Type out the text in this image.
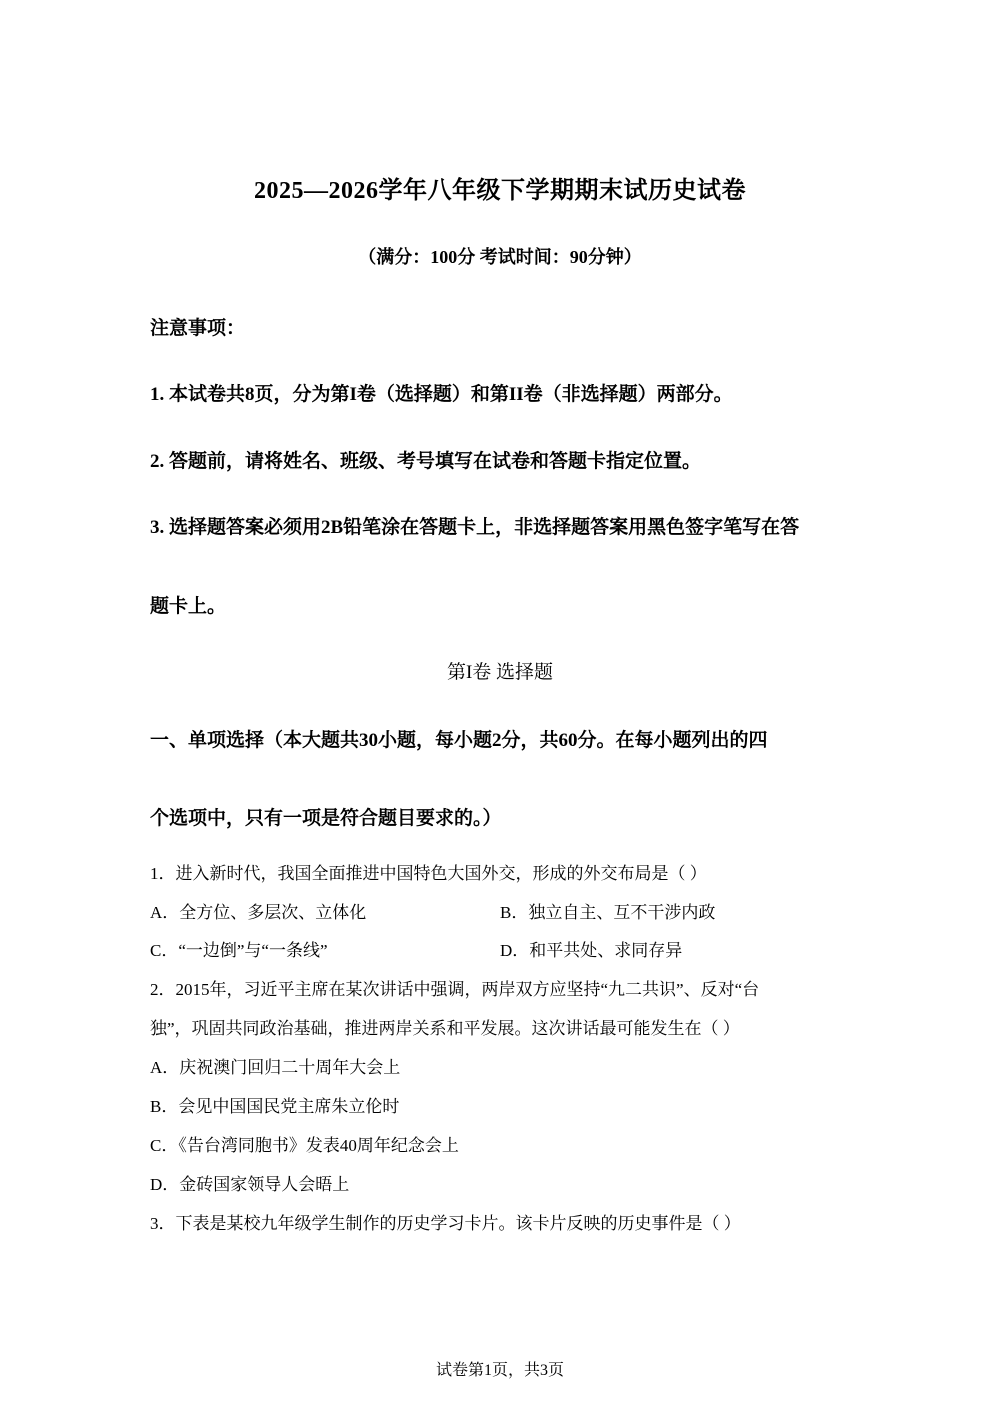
2025—2026学年八年级下学期期末试历史试卷
（满分：100分 考试时间：90分钟）
注意事项：
1. 本试卷共8页，分为第I卷（选择题）和第II卷（非选择题）两部分。
2. 答题前，请将姓名、班级、考号填写在试卷和答题卡指定位置。
3. 选择题答案必须用2B铅笔涂在答题卡上，非选择题答案用黑色签字笔写在答
题卡上。
第I卷 选择题
一、单项选择（本大题共30小题，每小题2分，共60分。在每小题列出的四
个选项中，只有一项是符合题目要求的。）
1．进入新时代，我国全面推进中国特色大国外交，形成的外交布局是（ ）
A．全方位、多层次、立体化	B．独立自主、互不干涉内政
C．“一边倒”与“一条线”	D．和平共处、求同存异
2．2015年，习近平主席在某次讲话中强调，两岸双方应坚持“九二共识”、反对“台
独”，巩固共同政治基础，推进两岸关系和平发展。这次讲话最可能发生在（ ）
A．庆祝澳门回归二十周年大会上
B．会见中国国民党主席朱立伦时
C．《告台湾同胞书》发表40周年纪念会上
D．金砖国家领导人会晤上
3．下表是某校九年级学生制作的历史学习卡片。该卡片反映的历史事件是（ ）
试卷第1页，共3页
